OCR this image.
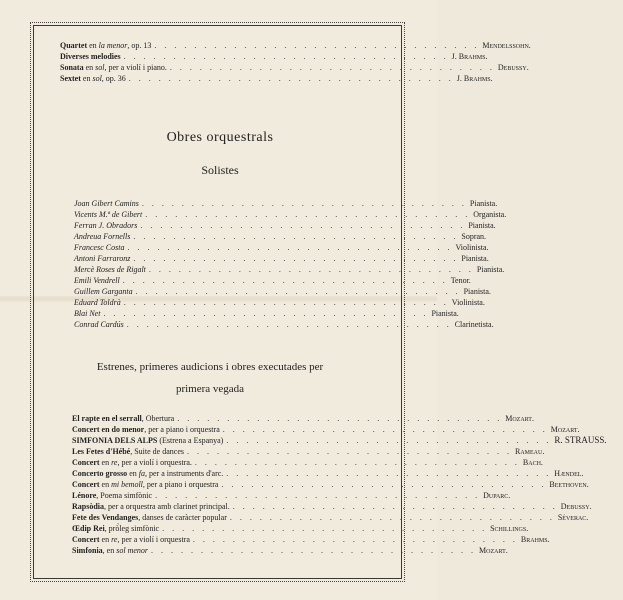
Quartet en la menor, op. 13 . . . . . . . . . . . . . . . . . . . . . . . . . . . . . . . . . Mendelssohn.
Diverses melodies . . . . . . . . . . . . . . . . . . . . . . . . . . . . . . . . . J. Brahms.
Sonata en sol, per a violí i piano. . . . . . . . . . . . . . . . . . . . . . . . . . . . . . . . . . Debussy.
Sextet en sol, op. 36 . . . . . . . . . . . . . . . . . . . . . . . . . . . . . . . . . J. Brahms.
Obres orquestrals
Solistes
Joan Gibert Camins . . . . . . . . . . . . . . . . . . . . . . . . . . . . . . . . . Pianista.
Vicents M.ª de Gibert . . . . . . . . . . . . . . . . . . . . . . . . . . . . . . . . . Organista.
Ferran J. Obradors . . . . . . . . . . . . . . . . . . . . . . . . . . . . . . . . . Pianista.
Andreua Fornells . . . . . . . . . . . . . . . . . . . . . . . . . . . . . . . . . Sopran.
Francesc Costa . . . . . . . . . . . . . . . . . . . . . . . . . . . . . . . . . Violinista.
Antoni Farraronz . . . . . . . . . . . . . . . . . . . . . . . . . . . . . . . . . Pianista.
Mercè Roses de Rigalt . . . . . . . . . . . . . . . . . . . . . . . . . . . . . . . . . Pianista.
Emili Vendrell . . . . . . . . . . . . . . . . . . . . . . . . . . . . . . . . . Tenor.
Guillem Garganta . . . . . . . . . . . . . . . . . . . . . . . . . . . . . . . . . Pianista.
Eduard Toldrà . . . . . . . . . . . . . . . . . . . . . . . . . . . . . . . . . Violinista.
Blai Net . . . . . . . . . . . . . . . . . . . . . . . . . . . . . . . . . Pianista.
Conrad Cardús . . . . . . . . . . . . . . . . . . . . . . . . . . . . . . . . . Clarinetista.
Estrenes, primeres audicions i obres executades per
primera vegada
El rapte en el serrall, Obertura . . . . . . . . . . . . . . . . . . . . . . . . . . . . . . . . . Mozart.
Concert en do menor, per a piano i orquestra . . . . . . . . . . . . . . . . . . . . . . . . . . . . . . . . . Mozart.
SIMFONIA DELS ALPS (Estrena a Espanya) . . . . . . . . . . . . . . . . . . . . . . . . . . . . . . . . . R. STRAUSS.
Les Fetes d'Hébé, Suite de dances . . . . . . . . . . . . . . . . . . . . . . . . . . . . . . . . . Rameau.
Concert en re, per a violí i orquestra. . . . . . . . . . . . . . . . . . . . . . . . . . . . . . . . . . Bach.
Concerto grosso en fa, per a instruments d'arc. . . . . . . . . . . . . . . . . . . . . . . . . . . . . . . . . . Hændel.
Concert en mi bemoll, per a piano i orquestra . . . . . . . . . . . . . . . . . . . . . . . . . . . . . . . . . Beethoven.
Lénore, Poema simfònic . . . . . . . . . . . . . . . . . . . . . . . . . . . . . . . . . Duparc.
Rapsòdia, per a orquestra amb clarinet principal. . . . . . . . . . . . . . . . . . . . . . . . . . . . . . . . . . Debussy.
Fete des Vendanges, danses de caràcter popular . . . . . . . . . . . . . . . . . . . . . . . . . . . . . . . . . Séverac.
Œdip Rei, prò̀leg simfònic . . . . . . . . . . . . . . . . . . . . . . . . . . . . . . . . . Schillings.
Concert en re, per a violí i orquestra . . . . . . . . . . . . . . . . . . . . . . . . . . . . . . . . . Brahms.
Simfonia, en sol menor . . . . . . . . . . . . . . . . . . . . . . . . . . . . . . . . . Mozart.
